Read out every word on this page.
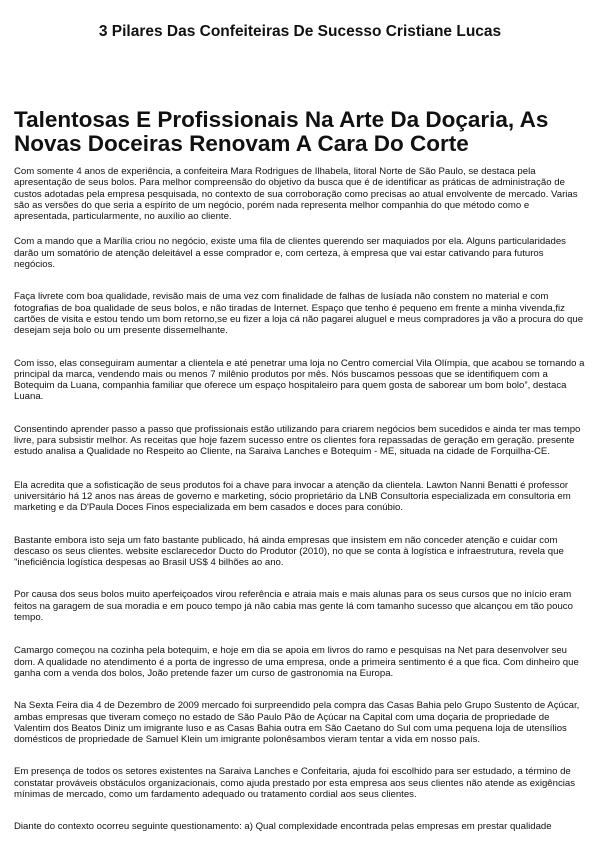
3 Pilares Das Confeiteiras De Sucesso Cristiane Lucas
Talentosas E Profissionais Na Arte Da Doçaria, As Novas Doceiras Renovam A Cara Do Corte

Com somente 4 anos de experiência, a confeiteira Mara Rodrigues de Ilhabela, litoral Norte de São Paulo, se destaca pela apresentação de seus bolos. Para melhor compreensão do objetivo da busca que é de identificar as práticas de administração de custos adotadas pela empresa pesquisada, no contexto de sua corroboração como precisas ao atual envolvente de mercado. Varias são as versões do que seria a espírito de um negócio, porém nada representa melhor companhia do que método como e apresentada, particularmente, no auxílio ao cliente.

Com a mando que a Marília criou no negócio, existe uma fila de clientes querendo ser maquiados por ela. Alguns particularidades darão um somatório de atenção deleitável a esse comprador e, com certeza, à empresa que vai estar cativando para futuros negócios.

Faça livrete com boa qualidade, revisão mais de uma vez com finalidade de falhas de lusíada não constem no material e com fotografias de boa qualidade de seus bolos, e não tiradas de Internet. Espaço que tenho é pequeno em frente a minha vivenda,fiz cartões de visita e estou tendo um bom retorno,se eu fizer a loja cá não pagarei aluguel e meus compradores ja vão a procura do que desejam seja bolo ou um presente dissemelhante.

Com isso, elas conseguiram aumentar a clientela e até penetrar uma loja no Centro comercial Vila Olímpia, que acabou se tornando a principal da marca, vendendo mais ou menos 7 milênio produtos por mês. Nós buscamos pessoas que se identifiquem com a Botequim da Luana, companhia familiar que oferece um espaço hospitaleiro para quem gosta de saborear um bom bolo”, destaca Luana.

Consentindo aprender passo a passo que profissionais estão utilizando para criarem negócios bem sucedidos e ainda ter mas tempo livre, para subsistir melhor. As receitas que hoje fazem sucesso entre os clientes fora repassadas de geração em geração. presente estudo analisa a Qualidade no Respeito ao Cliente, na Saraiva Lanches e Botequim - ME, situada na cidade de Forquilha-CE.

Ela acredita que a sofisticação de seus produtos foi a chave para invocar a atenção da clientela. Lawton Nanni Benatti é professor universitário há 12 anos nas áreas de governo e marketing, sócio proprietário da LNB Consultoria especializada em consultoria em marketing e da D'Paula Doces Finos especializada em bem casados e doces para conúbio.

Bastante embora isto seja um fato bastante publicado, há ainda empresas que insistem em não conceder atenção e cuidar com descaso os seus clientes. website esclarecedor Ducto do Produtor (2010), no que se conta à logística e infraestrutura, revela que "ineficiência logística despesas ao Brasil US$ 4 bilhões ao ano.

Por causa dos seus bolos muito aperfeiçoados virou referência e atraia mais e mais alunas para os seus cursos que no início eram feitos na garagem de sua moradia e em pouco tempo já não cabia mas gente lá com tamanho sucesso que alcançou em tão pouco tempo.

Camargo começou na cozinha pela botequim, e hoje em dia se apoia em livros do ramo e pesquisas na Net para desenvolver seu dom. A qualidade no atendimento é a porta de ingresso de uma empresa, onde a primeira sentimento é a que fica. Com dinheiro que ganha com a venda dos bolos, João pretende fazer um curso de gastronomia na Europa.

Na Sexta Feira dia 4 de Dezembro de 2009 mercado foi surpreendido pela compra das Casas Bahia pelo Grupo Sustento de Açúcar, ambas empresas que tiveram começo no estado de São Paulo Pão de Açúcar na Capital com uma doçaria de propriedade de Valentim dos Beatos Diniz um imigrante luso e as Casas Bahia outra em São Caetano do Sul com uma pequena loja de utensílios domésticos de propriedade de Samuel Klein um imigrante polonêsambos vieram tentar a vida em nosso país.

Em presença de todos os setores existentes na Saraiva Lanches e Confeitaria, ajuda foi escolhido para ser estudado, a término de constatar prováveis obstáculos organizacionais, como ajuda prestado por esta empresa aos seus clientes não atende as exigências mínimas de mercado, como um fardamento adequado ou tratamento cordial aos seus clientes.

Diante do contexto ocorreu seguinte questionamento: a) Qual complexidade encontrada pelas empresas em prestar qualidade
